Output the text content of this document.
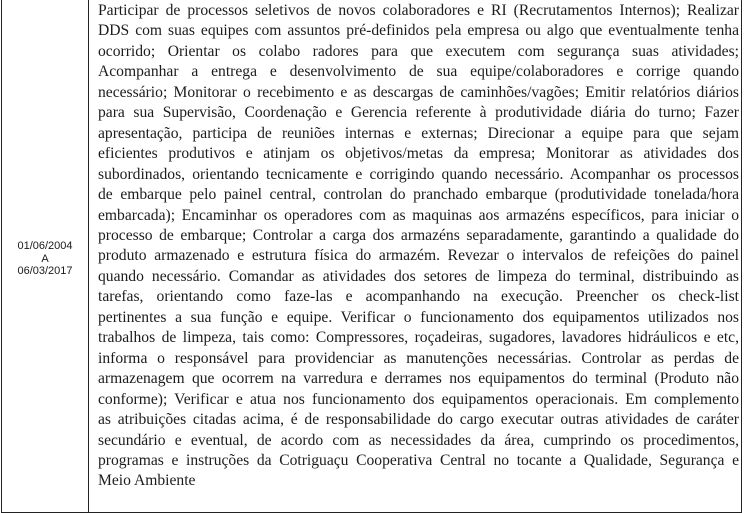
01/06/2004
A
06/03/2017
Participar de processos seletivos de novos colaboradores e RI (Recrutamentos Internos); Realizar
DDS com suas equipes com assuntos pré-definidos pela empresa ou algo que eventualmente tenha
ocorrido; Orientar os colabo radores para que executem com segurança suas atividades;
Acompanhar a entrega e desenvolvimento de sua equipe/colaboradores e corrige quando
necessário; Monitorar o recebimento e as descargas de caminhões/vagões; Emitir relatórios diários
para sua Supervisão, Coordenação e Gerencia referente à produtividade diária do turno; Fazer
apresentação, participa de reuniões internas e externas; Direcionar a equipe para que sejam
eficientes produtivos e atinjam os objetivos/metas da empresa; Monitorar as atividades dos
subordinados, orientando tecnicamente e corrigindo quando necessário. Acompanhar os processos
de embarque pelo painel central, controlan do pranchado embarque (produtividade tonelada/hora
embarcada); Encaminhar os operadores com as maquinas aos armazéns específicos, para iniciar o
processo de embarque; Controlar a carga dos armazéns separadamente, garantindo a qualidade do
produto armazenado e estrutura física do armazém. Revezar o intervalos de refeições do painel
quando necessário. Comandar as atividades dos setores de limpeza do terminal, distribuindo as
tarefas, orientando como faze-las e acompanhando na execução. Preencher os check-list
pertinentes a sua função e equipe. Verificar o funcionamento dos equipamentos utilizados nos
trabalhos de limpeza, tais como: Compressores, roçadeiras, sugadores, lavadores hidráulicos e etc,
informa o responsável para providenciar as manutenções necessárias. Controlar as perdas de
armazenagem que ocorrem na varredura e derrames nos equipamentos do terminal (Produto não
conforme); Verificar e atua nos funcionamento dos equipamentos operacionais. Em complemento
as atribuições citadas acima, é de responsabilidade do cargo executar outras atividades de caráter
secundário e eventual, de acordo com as necessidades da área, cumprindo os procedimentos,
programas e instruções da Cotriguaçu Cooperativa Central no tocante a Qualidade, Segurança e
Meio Ambiente
